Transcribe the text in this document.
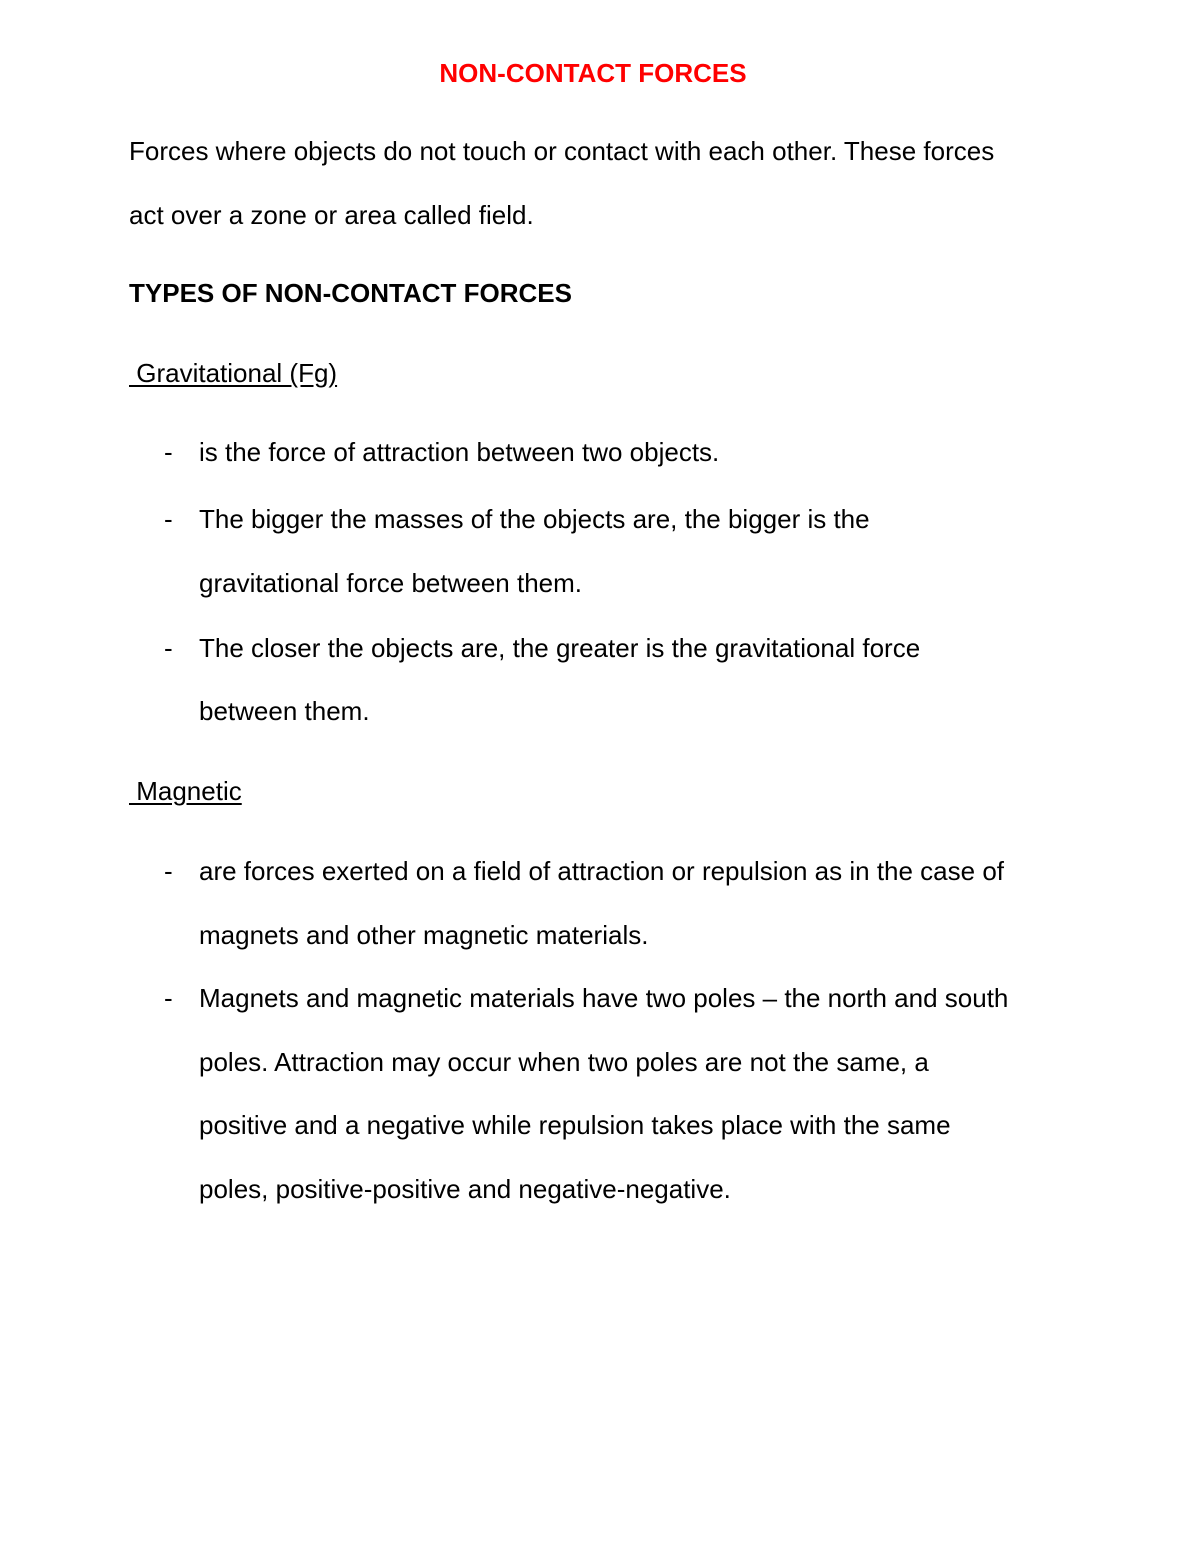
NON-CONTACT FORCES
Forces where objects do not touch or contact with each other. These forces
act over a zone or area called field.
TYPES OF NON-CONTACT FORCES
Gravitational (Fg)
- is the force of attraction between two objects.
- The bigger the masses of the objects are, the bigger is the
gravitational force between them.
- The closer the objects are, the greater is the gravitational force
between them.
Magnetic
- are forces exerted on a field of attraction or repulsion as in the case of
magnets and other magnetic materials.
- Magnets and magnetic materials have two poles – the north and south
poles. Attraction may occur when two poles are not the same, a
positive and a negative while repulsion takes place with the same
poles, positive-positive and negative-negative.
